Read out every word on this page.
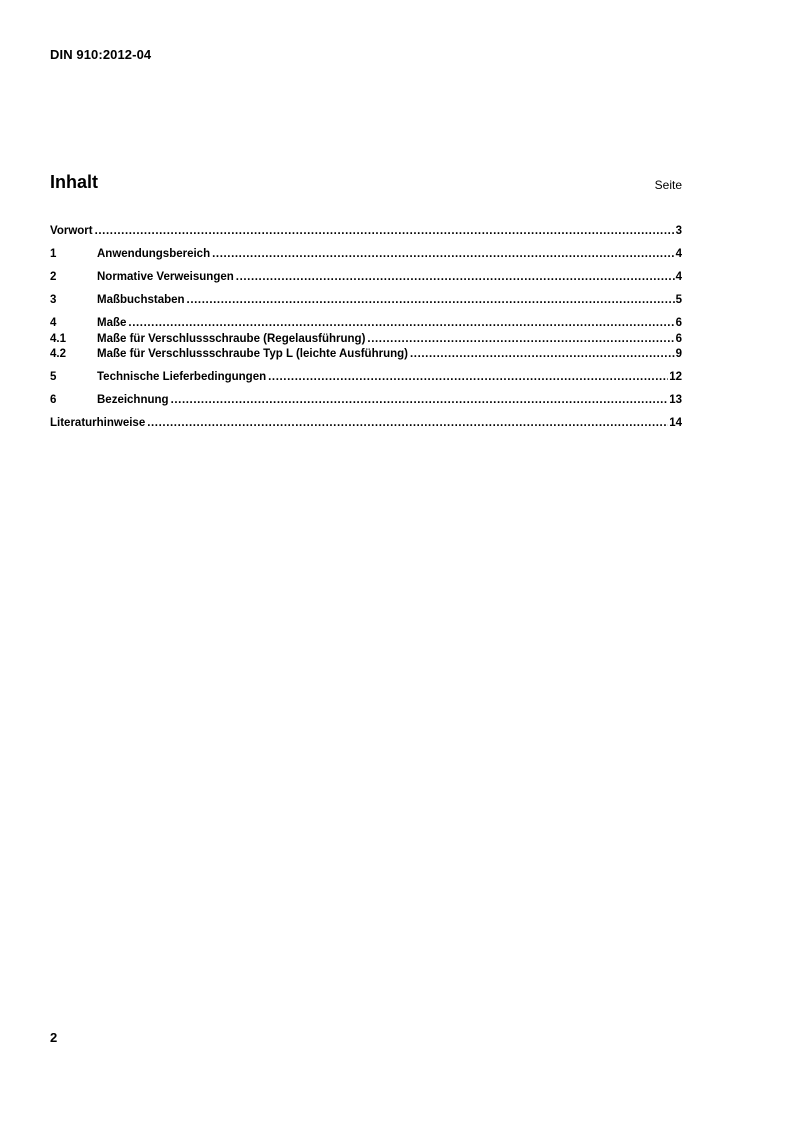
DIN 910:2012-04
Inhalt	Seite
Vorwort .....	3
1	Anwendungsbereich .....	4
2	Normative Verweisungen .....	4
3	Maßbuchstaben .....	5
4	Maße .....	6
4.1	Maße für Verschlussschraube (Regelausführung) .....	6
4.2	Maße für Verschlussschraube Typ L (leichte Ausführung) .....	9
5	Technische Lieferbedingungen .....	12
6	Bezeichnung .....	13
Literaturhinweise .....	14
2
